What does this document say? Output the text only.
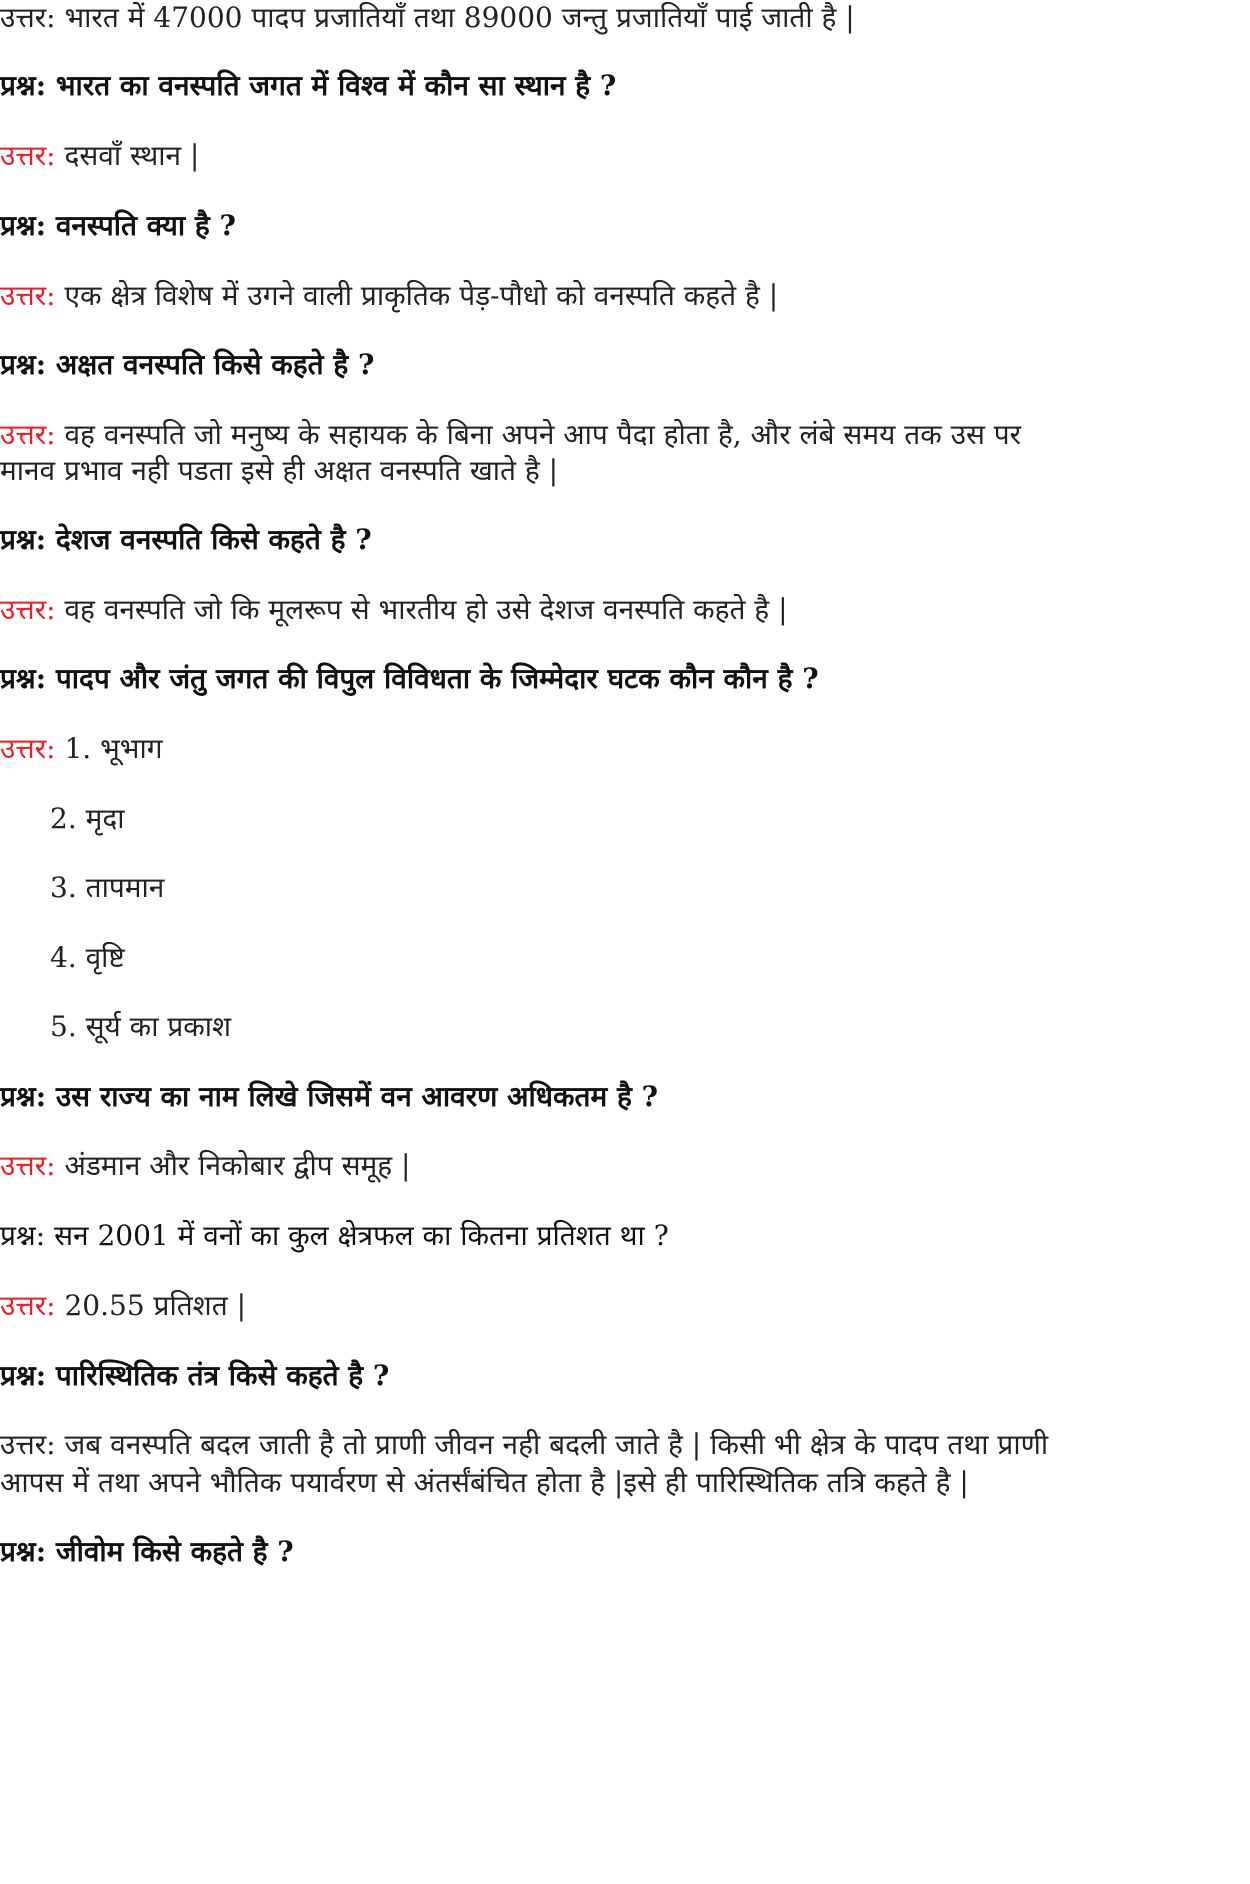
उत्तर: भारत में 47000 पादप प्रजातियाँ तथा 89000 जन्तु प्रजातियाँ पाई जाती है |

प्रश्न: भारत का वनस्पति जगत में विश्व में कौन सा स्थान है ?

उत्तर: दसवाँ स्थान |

प्रश्न: वनस्पति क्या है ?

उत्तर: एक क्षेत्र विशेष में उगने वाली प्राकृतिक पेड़-पौधो को वनस्पति कहते है |

प्रश्न: अक्षत वनस्पति किसे कहते है ?

उत्तर: वह वनस्पति जो मनुष्य के सहायक के बिना अपने आप पैदा होता है, और लंबे समय तक उस पर

मानव प्रभाव नही पडता इसे ही अक्षत वनस्पति खाते है |

प्रश्न: देशज वनस्पति किसे कहते है ?

उत्तर: वह वनस्पति जो कि मूलरूप से भारतीय हो उसे देशज वनस्पति कहते है |

प्रश्न: पादप और जंतु जगत की विपुल विविधता के जिम्मेदार घटक कौन कौन है ?

उत्तर: 1. भूभाग

2. मृदा

3. तापमान

4. वृष्टि

5. सूर्य का प्रकाश

प्रश्न: उस राज्य का नाम लिखे जिसमें वन आवरण अधिकतम है ?

उत्तर: अंडमान और निकोबार द्वीप समूह |

प्रश्न: सन 2001 में वनों का कुल क्षेत्रफल का कितना प्रतिशत था ?

उत्तर: 20.55 प्रतिशत |

प्रश्न: पारिस्थितिक तंत्र किसे कहते है ?

उत्तर: जब वनस्पति बदल जाती है तो प्राणी जीवन नही बदली जाते है | किसी भी क्षेत्र के पादप तथा प्राणी

आपस में तथा अपने भौतिक पयार्वरण से अंतर्संबंचित होता है |इसे ही पारिस्थितिक तत्रि कहते है |

प्रश्न: जीवोम किसे कहते है ?
